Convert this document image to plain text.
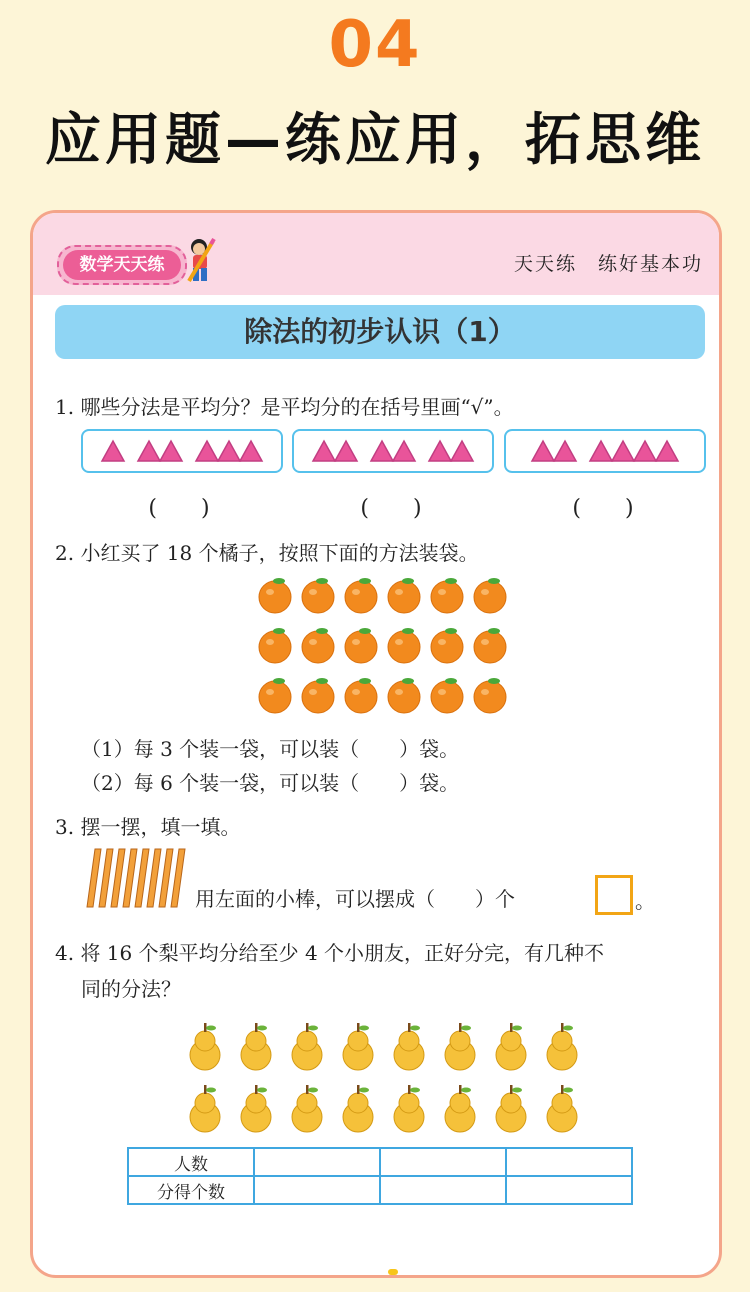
04
应用题—练应用，拓思维
数学天天练	天天练　练好基本功
除法的初步认识（1）
1. 哪些分法是平均分？是平均分的在括号里画“√”。
(　　)	(　　)	(　　)
2. 小红买了 18 个橘子，按照下面的方法装袋。
（1）每 3 个装一袋，可以装（　　）袋。
（2）每 6 个装一袋，可以装（　　）袋。
3. 摆一摆，填一填。
用左面的小棒，可以摆成（　　）个	。
4. 将 16 个梨平均分给至少 4 个小朋友，正好分完，有几种不
同的分法？
人数			
分得个数			
